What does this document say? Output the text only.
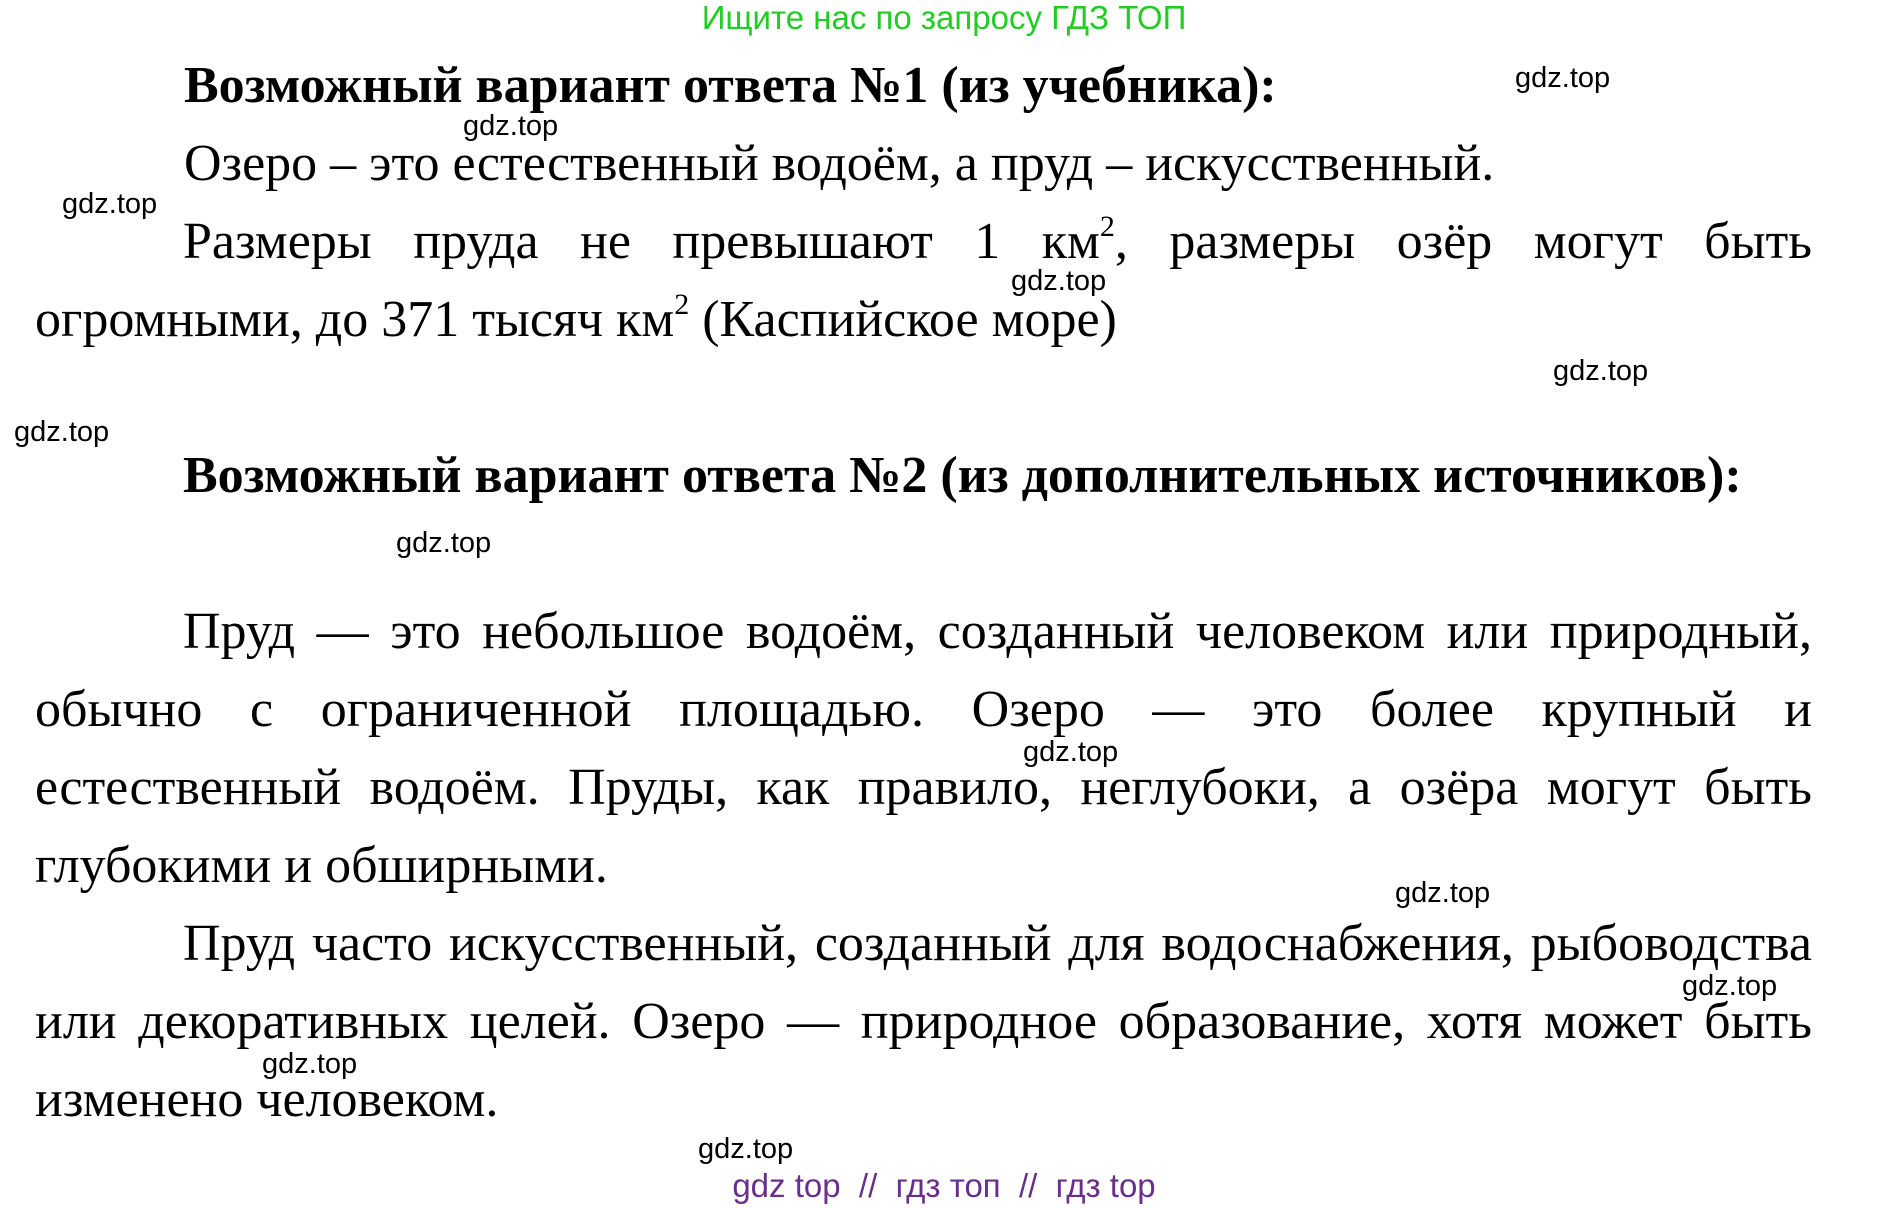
Ищите нас по запросу ГДЗ ТОП
Возможный вариант ответа №1 (из учебника):
Озеро – это естественный водоём, а пруд – искусственный.

Размеры пруда не превышают 1 $км^2$, размеры озёр могут быть огромными, до 371 тысяч $км^2$ (Каспийское море)

Возможный вариант ответа №2 (из дополнительных источников):

Пруд — это небольшое водоём, созданный человеком или природный, обычно с ограниченной площадью. Озеро — это более крупный и естественный водоём. Пруды, как правило, неглубоки, а озёра могут быть глубокими и обширными.

Пруд часто искусственный, созданный для водоснабжения, рыбоводства или декоративных целей. Озеро — природное образование, хотя может быть изменено человеком.

gdz.top
gdz.top
gdz.top
gdz.top
gdz.top
gdz.top
gdz.top
gdz.top
gdz.top
gdz.top
gdz.top
gdz.top
gdz top  //  гдз топ  //  гдз top
